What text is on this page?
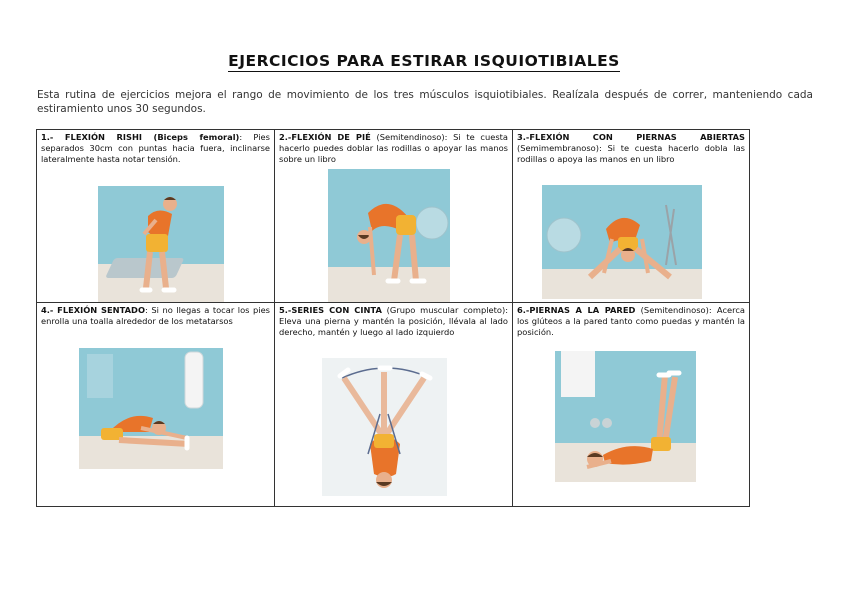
EJERCICIOS PARA ESTIRAR ISQUIOTIBIALES
Esta rutina de ejercicios mejora el rango de movimiento de los tres músculos isquiotibiales. Realízala después de correr, manteniendo cada estiramiento unos 30 segundos.
1.- FLEXIÓN RISHI (Biceps femoral): Pies separados 30cm con puntas hacia fuera, inclinarse lateralmente hasta notar tensión.
2.-FLEXIÓN DE PIÉ (Semitendinoso): Si te cuesta hacerlo puedes doblar las rodillas o apoyar las manos sobre un libro
3.-FLEXIÓN CON PIERNAS ABIERTAS (Semimembranoso): Si te cuesta hacerlo dobla las rodillas o apoya las manos en un libro
4.- FLEXIÓN SENTADO: Si no llegas a tocar los pies enrolla una toalla alrededor de los metatarsos
5.-SERIES CON CINTA (Grupo muscular completo): Eleva una pierna y mantén la posición, llévala al lado derecho, mantén y luego al lado izquierdo
6.-PIERNAS A LA PARED (Semitendinoso): Acerca los glúteos a la pared tanto como puedas y mantén la posición.
